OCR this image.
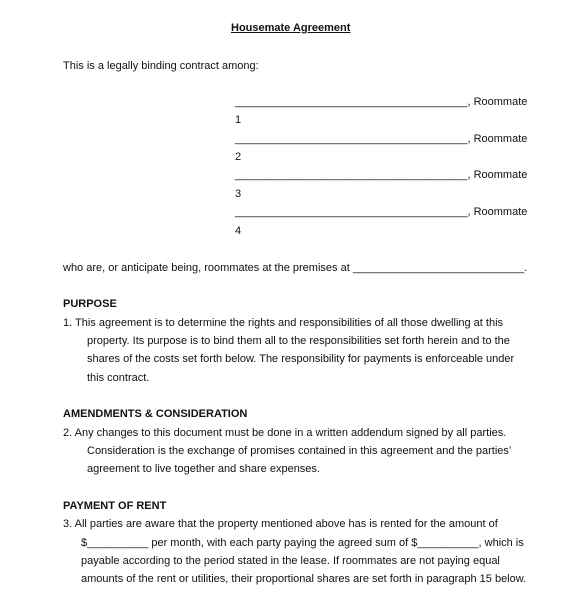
Housemate Agreement
This is a legally binding contract among:
______________________________________, Roommate
1
______________________________________, Roommate
2
______________________________________, Roommate
3
______________________________________, Roommate
4
who are, or anticipate being, roommates at the premises at ____________________________.
PURPOSE
1. This agreement is to determine the rights and responsibilities of all those dwelling at this
property. Its purpose is to bind them all to the responsibilities set forth herein and to the
shares of the costs set forth below. The responsibility for payments is enforceable under
this contract.
AMENDMENTS & CONSIDERATION
2. Any changes to this document must be done in a written addendum signed by all parties.
Consideration is the exchange of promises contained in this agreement and the parties’
agreement to live together and share expenses.
PAYMENT OF RENT
3. All parties are aware that the property mentioned above has is rented for the amount of
$__________ per month, with each party paying the agreed sum of $__________, which is
payable according to the period stated in the lease. If roommates are not paying equal
amounts of the rent or utilities, their proportional shares are set forth in paragraph 15 below.
